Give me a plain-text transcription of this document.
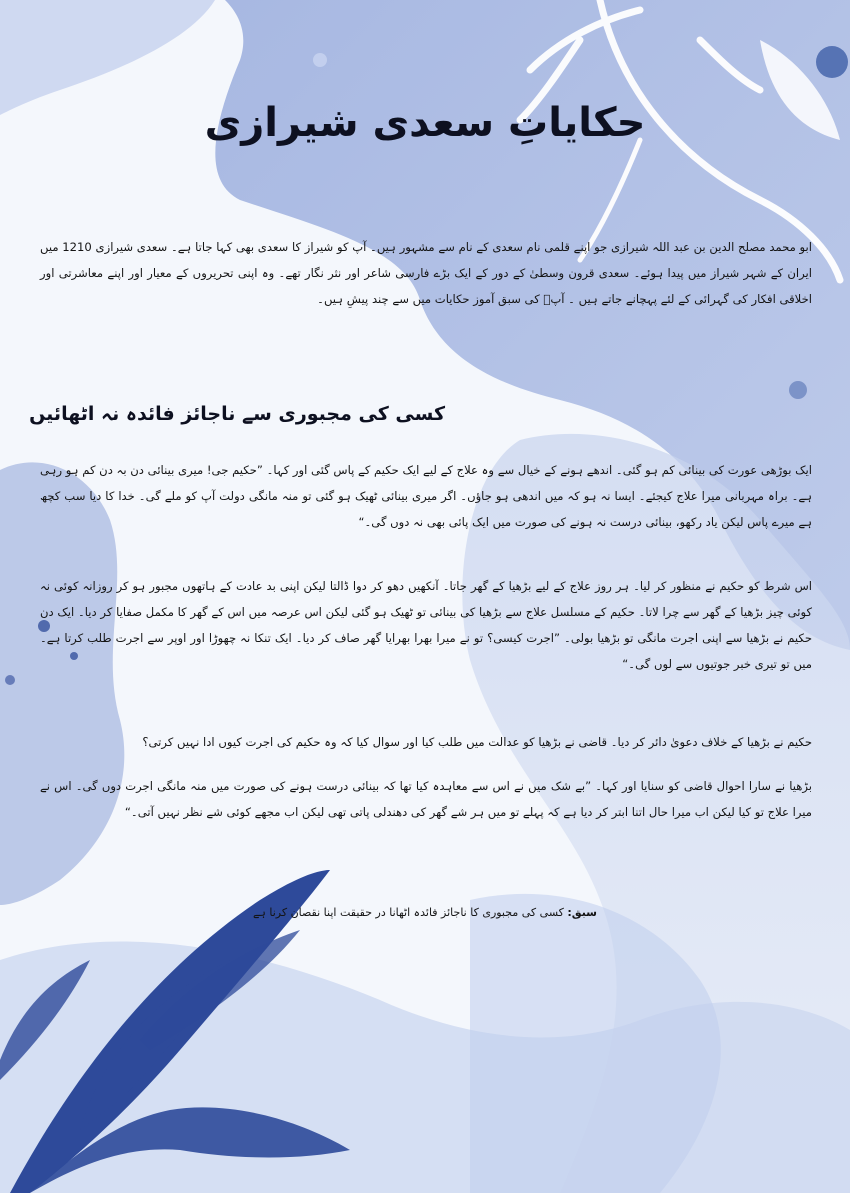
حکایاتِ سعدی شیرازی
ابو محمد مصلح الدین بن عبد اللہ شیرازی جو اپنے قلمی نام سعدی کے نام سے مشہور ہیں۔ آپ کو شیراز کا سعدی بھی کہا جاتا ہے۔ سعدی شیرازی 1210 میں ایران کے شہر شیراز میں پیدا ہوئے۔ سعدی قرون وسطیٰ کے دور کے ایک بڑے فارسی شاعر اور نثر نگار تھے۔ وہ اپنی تحریروں کے معیار اور اپنے معاشرتی اور اخلاقی افکار کی گہرائی کے لئے پہچانے جاتے ہیں ۔ آپؒ کی سبق آموز حکایات میں سے چند پیشِ ہیں۔
کسی کی مجبوری سے ناجائز فائدہ نہ اٹھائیں
ایک بوڑھی عورت کی بینائی کم ہو گئی۔ اندھے ہونے کے خیال سے وہ علاج کے لیے ایک حکیم کے پاس گئی اور کہا۔ ”حکیم جی! میری بینائی دن بہ دن کم ہو رہی ہے۔ براہ مہربانی میرا علاج کیجئے۔ ایسا نہ ہو کہ میں اندھی ہو جاؤں۔ اگر میری بینائی ٹھیک ہو گئی تو منہ مانگی دولت آپ کو ملے گی۔ خدا کا دیا سب کچھ ہے میرے پاس لیکن یاد رکھو، بینائی درست نہ ہونے کی صورت میں ایک پائی بھی نہ دوں گی۔“
اس شرط کو حکیم نے منظور کر لیا۔ ہر روز علاج کے لیے بڑھیا کے گھر جاتا۔ آنکھیں دھو کر دوا ڈالتا لیکن اپنی بد عادت کے ہاتھوں مجبور ہو کر روزانہ کوئی نہ کوئی چیز بڑھیا کے گھر سے چرا لاتا۔ حکیم کے مسلسل علاج سے بڑھیا کی بینائی تو ٹھیک ہو گئی لیکن اس عرصہ میں اس کے گھر کا مکمل صفایا کر دیا۔ ایک دن حکیم نے بڑھیا سے اپنی اجرت مانگی تو بڑھیا بولی۔ ”اجرت کیسی؟ تو نے میرا بھرا بھرایا گھر صاف کر دیا۔ ایک تنکا نہ چھوڑا اور اوپر سے اجرت طلب کرتا ہے۔ میں تو تیری خبر جوتیوں سے لوں گی۔“
حکیم نے بڑھیا کے خلاف دعویٰ دائر کر دیا۔ قاضی نے بڑھیا کو عدالت میں طلب کیا اور سوال کیا کہ وہ حکیم کی اجرت کیوں ادا نہیں کرتی؟
بڑھیا نے سارا احوال قاضی کو سنایا اور کہا۔ ”بے شک میں نے اس سے معاہدہ کیا تھا کہ بینائی درست ہونے کی صورت میں منہ مانگی اجرت دوں گی۔ اس نے میرا علاج تو کیا لیکن اب میرا حال اتنا ابتر کر دیا ہے کہ پہلے تو میں ہر شے گھر کی دھندلی پاتی تھی لیکن اب مجھے کوئی شے نظر نہیں آتی۔“
سبق: کسی کی مجبوری کا ناجائز فائدہ اٹھانا در حقیقت اپنا نقصان کرنا ہے
